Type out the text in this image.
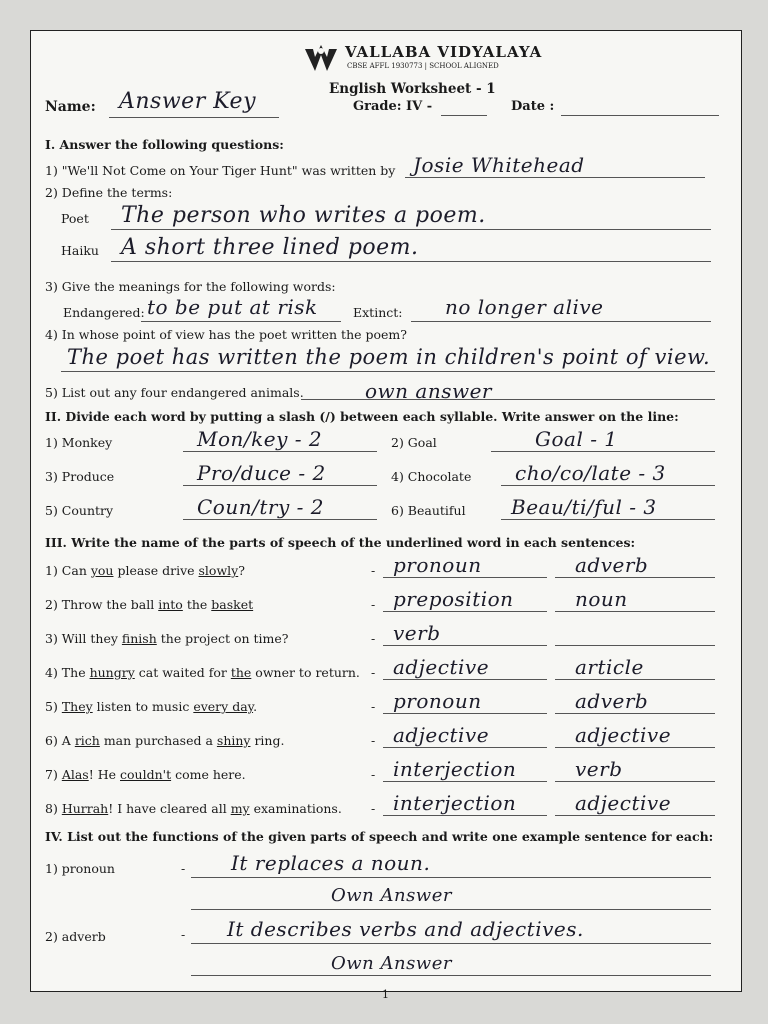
VALLABA VIDYALAYA
CBSE AFFL 1930773 | SCHOOL ALIGNED
English Worksheet - 1
Name: Answer Key	Grade: IV -	Date :
I. Answer the following questions:
1) "We'll Not Come on Your Tiger Hunt" was written by Josie Whitehead
2) Define the terms:
Poet The person who writes a poem.
Haiku A short three lined poem.
3) Give the meanings for the following words:
Endangered: to be put at risk	Extinct: no longer alive
4) In whose point of view has the poet written the poem?
The poet has written the poem in children's point of view.
5) List out any four endangered animals.	own answer
II. Divide each word by putting a slash (/) between each syllable. Write answer on the line:
1) Monkey	Mon/key - 2	2) Goal	Goal - 1
3) Produce	Pro/duce - 2	4) Chocolate cho/co/late - 3
5) Country	Coun/try - 2	6) Beautiful Beau/ti/ful - 3
III. Write the name of the parts of speech of the underlined word in each sentences:
1) Can you please drive slowly?	- pronoun	adverb
2) Throw the ball into the basket	- preposition	noun
3) Will they finish the project on time?	- verb
4) The hungry cat waited for the owner to return. - adjective	article
5) They listen to music every day.	- pronoun	adverb
6) A rich man purchased a shiny ring.	- adjective	adjective
7) Alas! He couldn't come here.	- interjection	verb
8) Hurrah! I have cleared all my examinations. - interjection	adjective
IV. List out the functions of the given parts of speech and write one example sentence for each:
1) pronoun	- It replaces a noun.
Own Answer
2) adverb	- It describes verbs and adjectives.
Own Answer
1
